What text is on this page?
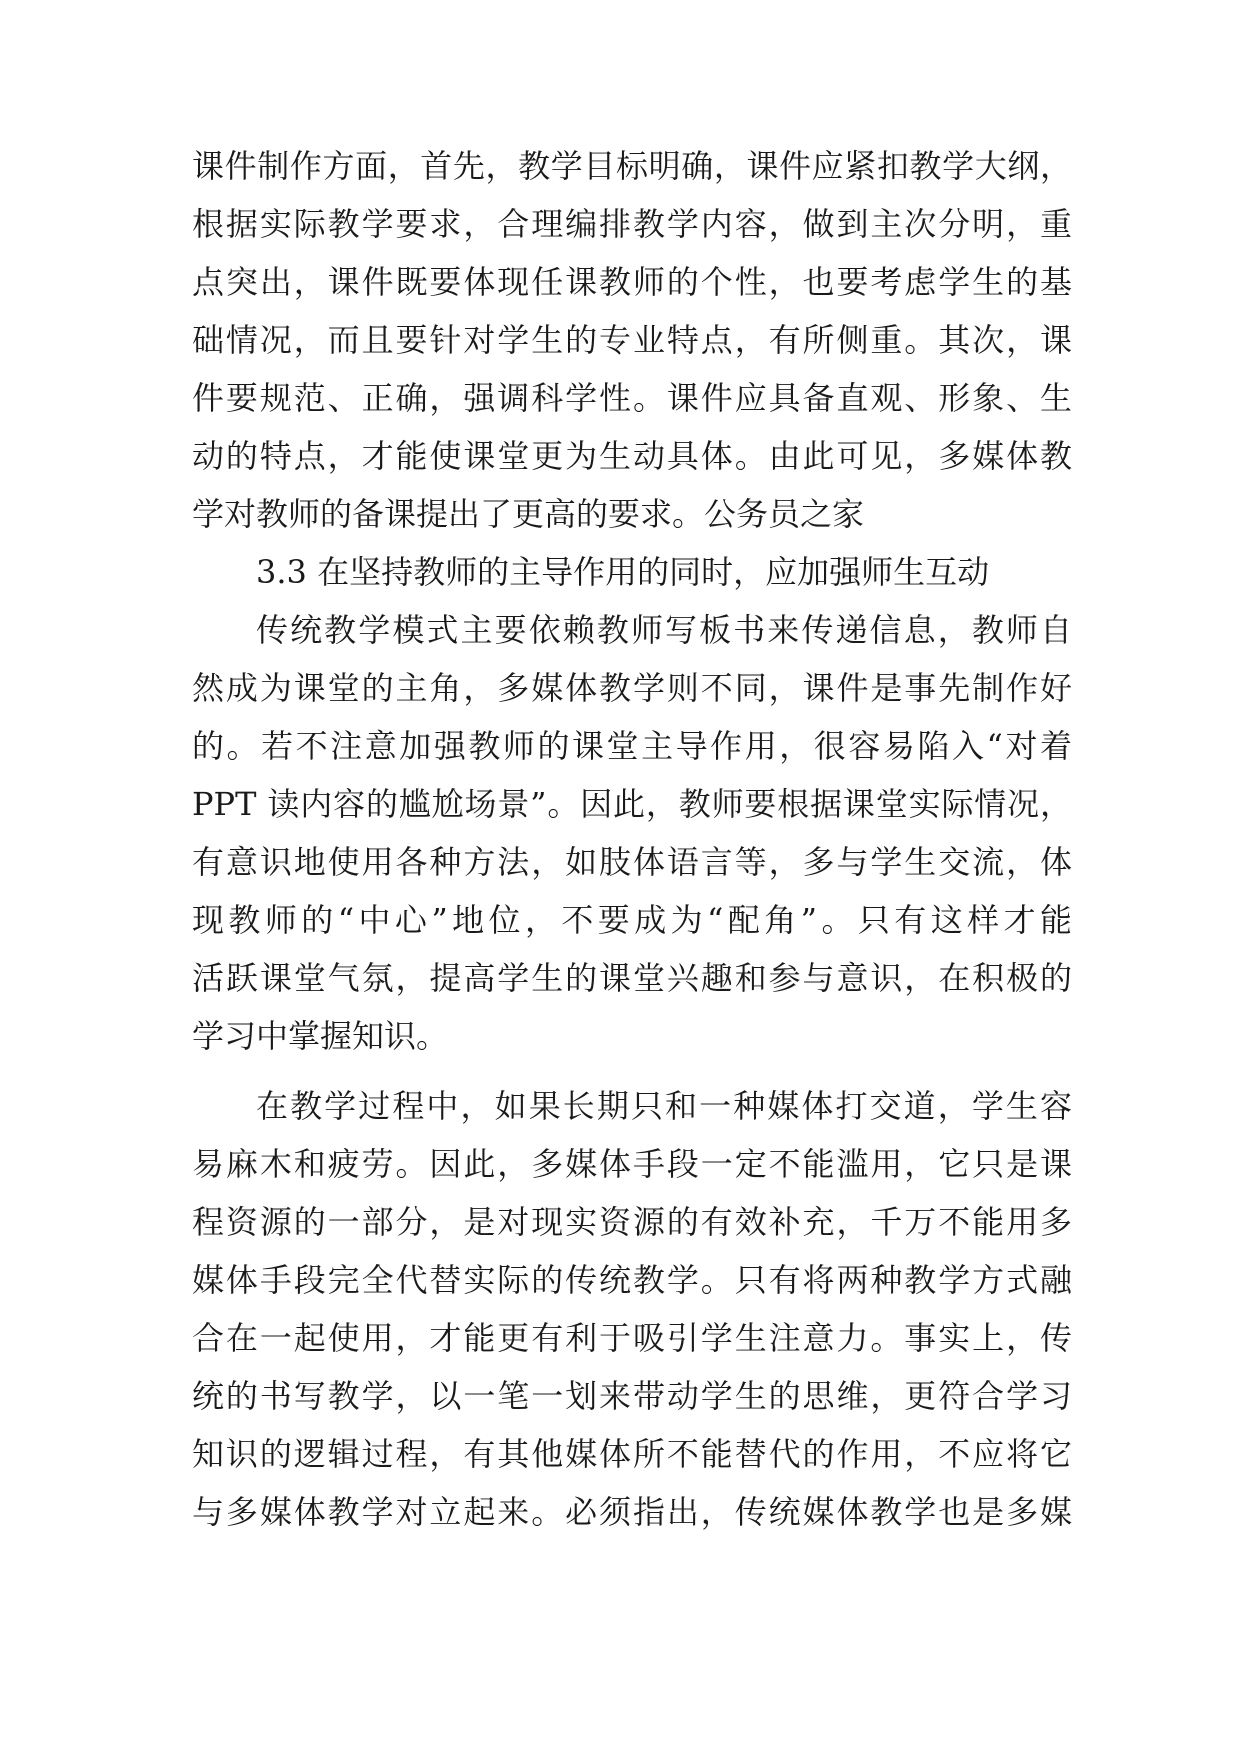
课件制作方面，首先，教学目标明确，课件应紧扣教学大纲，
根据实际教学要求，合理编排教学内容，做到主次分明，重
点突出，课件既要体现任课教师的个性，也要考虑学生的基
础情况，而且要针对学生的专业特点，有所侧重。其次，课
件要规范、正确，强调科学性。课件应具备直观、形象、生
动的特点，才能使课堂更为生动具体。由此可见，多媒体教
学对教师的备课提出了更高的要求。公务员之家
3.3 在坚持教师的主导作用的同时，应加强师生互动
传统教学模式主要依赖教师写板书来传递信息，教师自
然成为课堂的主角，多媒体教学则不同，课件是事先制作好
的。若不注意加强教师的课堂主导作用，很容易陷入“对着
PPT 读内容的尴尬场景”。因此，教师要根据课堂实际情况，
有意识地使用各种方法，如肢体语言等，多与学生交流，体
现教师的“中心”地位，不要成为“配角”。只有这样才能
活跃课堂气氛，提高学生的课堂兴趣和参与意识，在积极的
学习中掌握知识。
在教学过程中，如果长期只和一种媒体打交道，学生容
易麻木和疲劳。因此，多媒体手段一定不能滥用，它只是课
程资源的一部分，是对现实资源的有效补充，千万不能用多
媒体手段完全代替实际的传统教学。只有将两种教学方式融
合在一起使用，才能更有利于吸引学生注意力。事实上，传
统的书写教学，以一笔一划来带动学生的思维，更符合学习
知识的逻辑过程，有其他媒体所不能替代的作用，不应将它
与多媒体教学对立起来。必须指出，传统媒体教学也是多媒
